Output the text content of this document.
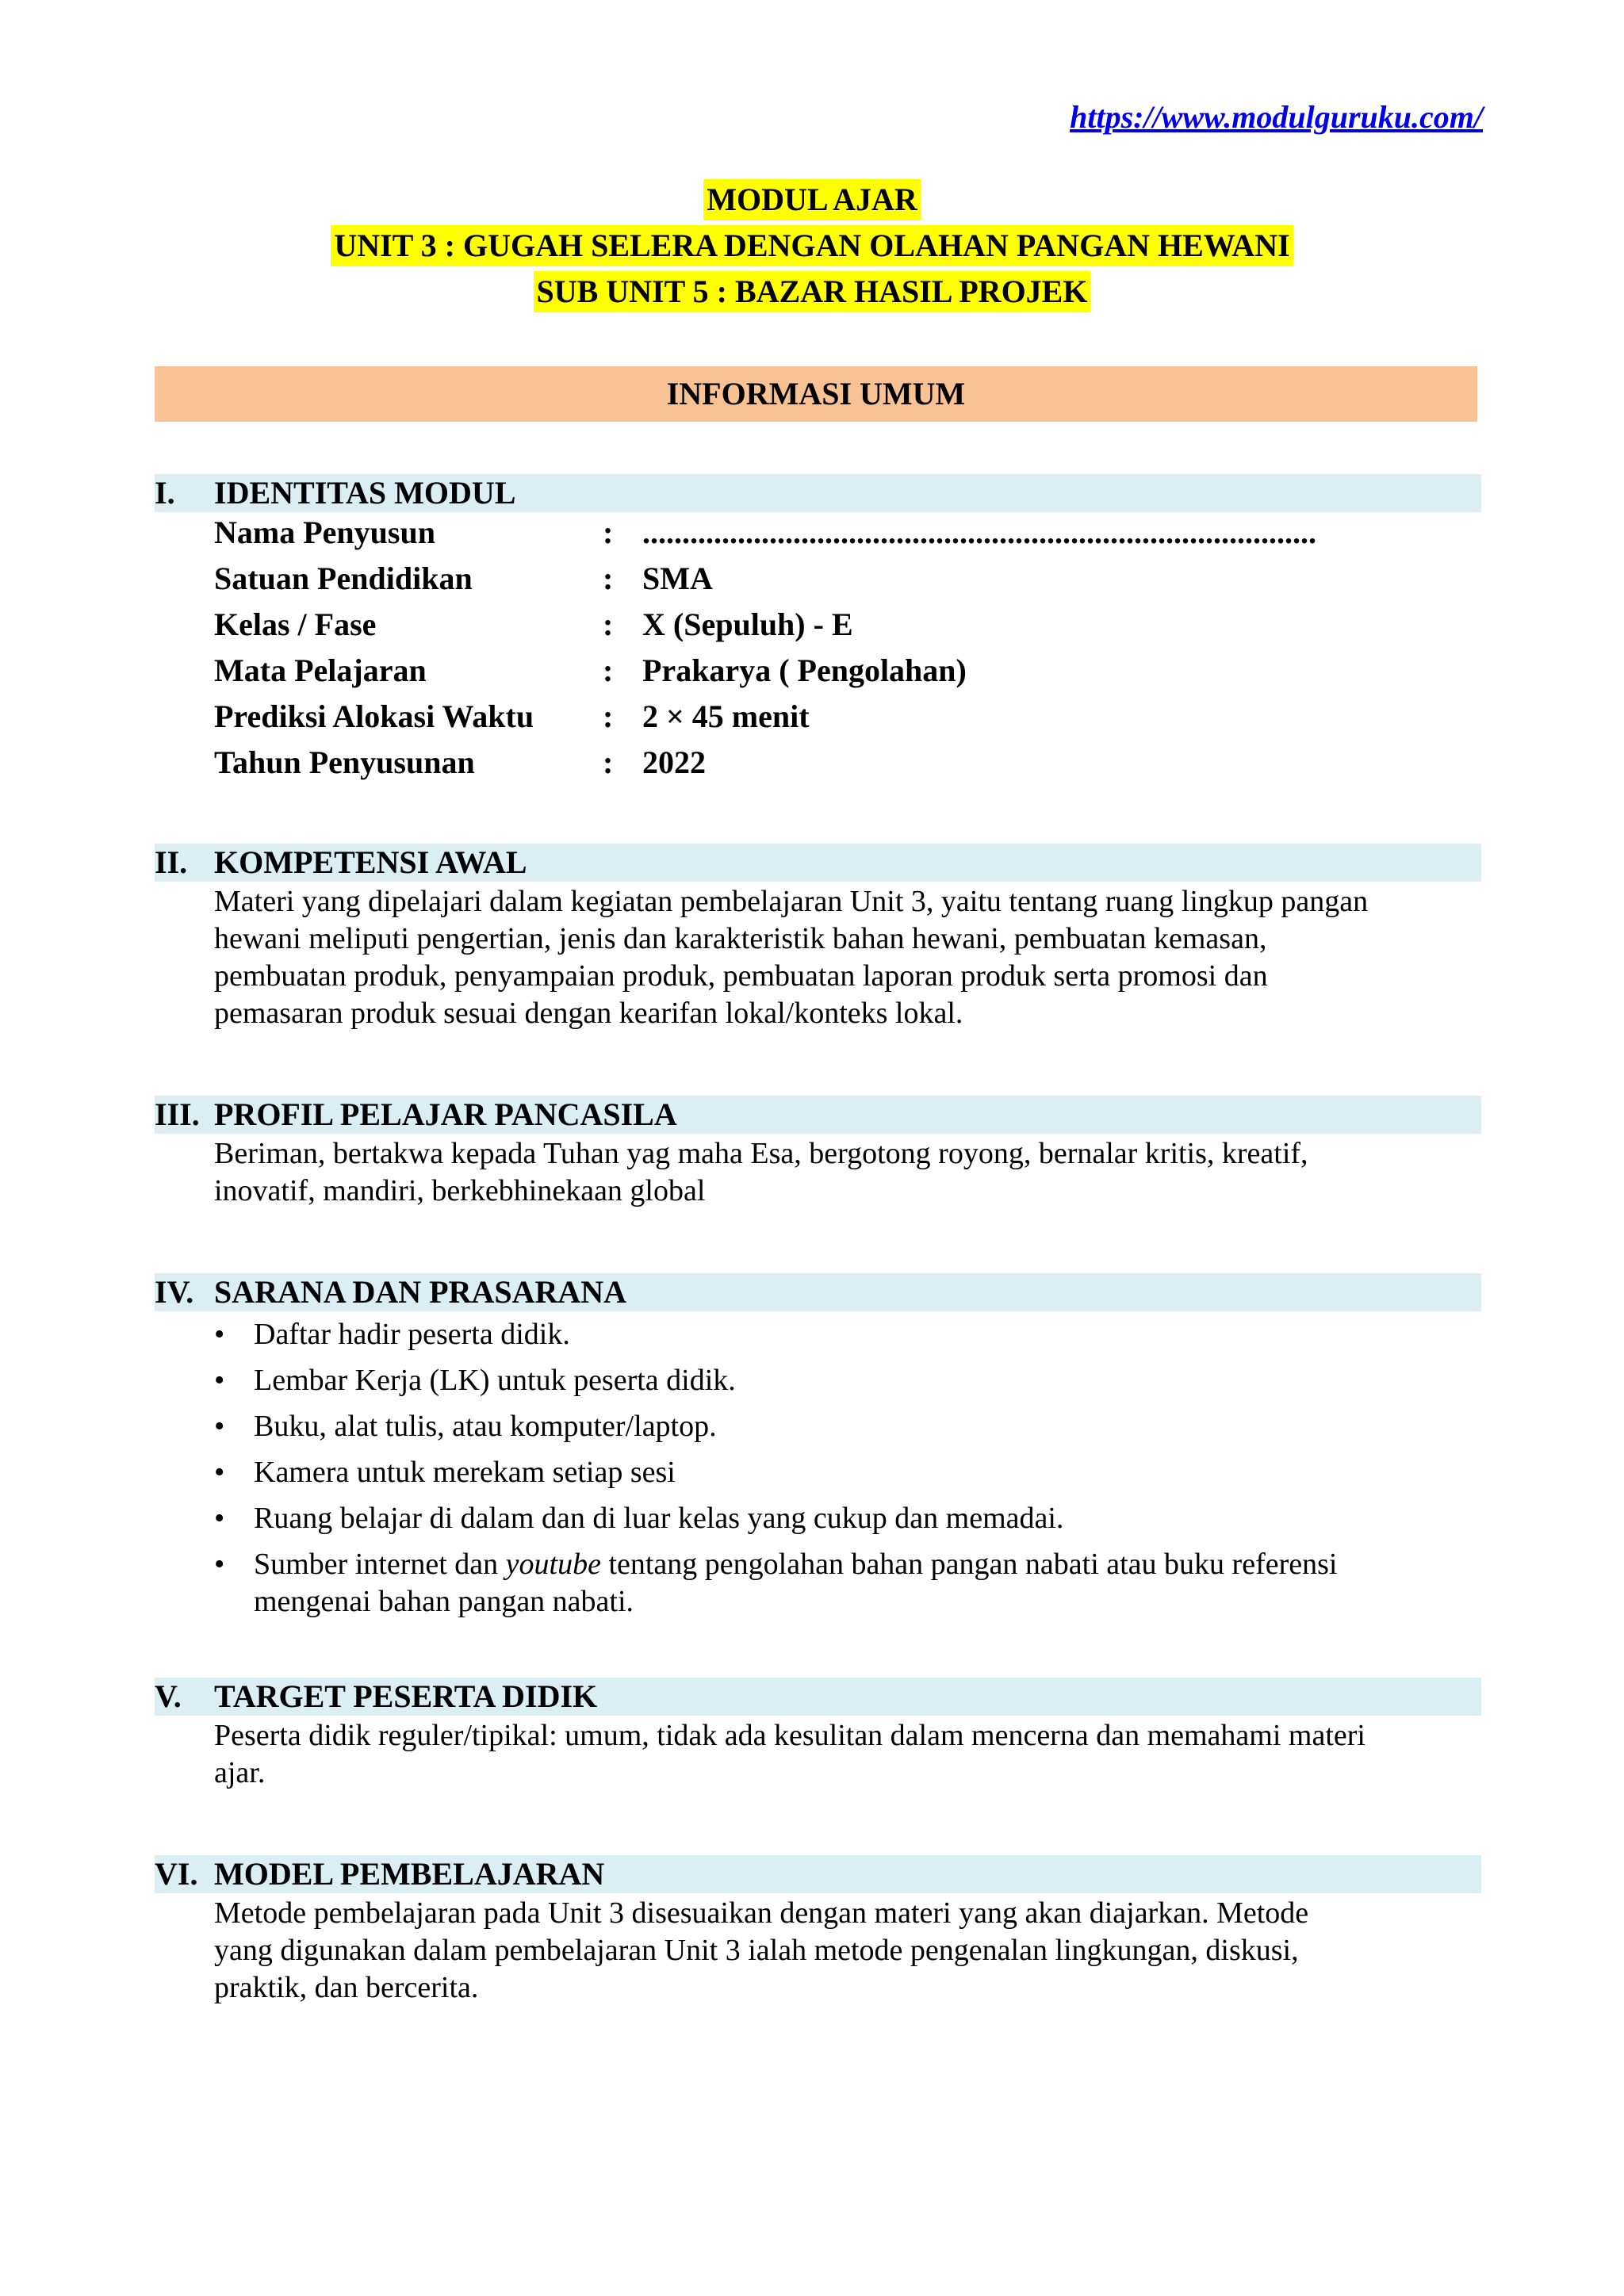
https://www.modulguruku.com/
MODUL AJAR
UNIT 3 : GUGAH SELERA DENGAN OLAHAN PANGAN HEWANI
SUB UNIT 5 : BAZAR HASIL PROJEK
INFORMASI UMUM
I. IDENTITAS MODUL
Nama Penyusun	: .....................................................................................
Satuan Pendidikan	: SMA
Kelas / Fase	: X (Sepuluh) - E
Mata Pelajaran	: Prakarya ( Pengolahan)
Prediksi Alokasi Waktu : 2 × 45 menit
Tahun Penyusunan	: 2022
II. KOMPETENSI AWAL
Materi yang dipelajari dalam kegiatan pembelajaran Unit 3, yaitu tentang ruang lingkup pangan
hewani meliputi pengertian, jenis dan karakteristik bahan hewani, pembuatan kemasan,
pembuatan produk, penyampaian produk, pembuatan laporan produk serta promosi dan
pemasaran produk sesuai dengan kearifan lokal/konteks lokal.
III. PROFIL PELAJAR PANCASILA
Beriman, bertakwa kepada Tuhan yag maha Esa, bergotong royong, bernalar kritis, kreatif,
inovatif, mandiri, berkebhinekaan global
IV. SARANA DAN PRASARANA
• Daftar hadir peserta didik.
• Lembar Kerja (LK) untuk peserta didik.
• Buku, alat tulis, atau komputer/laptop.
• Kamera untuk merekam setiap sesi
• Ruang belajar di dalam dan di luar kelas yang cukup dan memadai.
• Sumber internet dan youtube tentang pengolahan bahan pangan nabati atau buku referensi
mengenai bahan pangan nabati.
V. TARGET PESERTA DIDIK
Peserta didik reguler/tipikal: umum, tidak ada kesulitan dalam mencerna dan memahami materi
ajar.
VI. MODEL PEMBELAJARAN
Metode pembelajaran pada Unit 3 disesuaikan dengan materi yang akan diajarkan. Metode
yang digunakan dalam pembelajaran Unit 3 ialah metode pengenalan lingkungan, diskusi,
praktik, dan bercerita.
